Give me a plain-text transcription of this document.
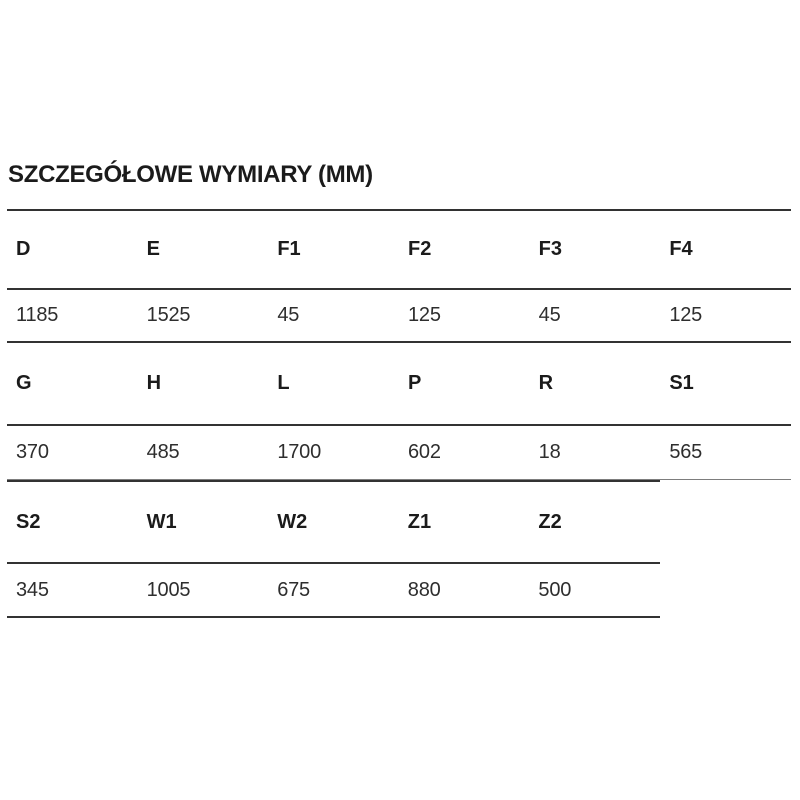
SZCZEGÓŁOWE WYMIARY (MM)
D	E	F1	F2	F3	F4
1185	1525	45	125	45	125
G	H	L	P	R	S1
370	485	1700	602	18	565
S2	W1	W2	Z1	Z2
345	1005	675	880	500
